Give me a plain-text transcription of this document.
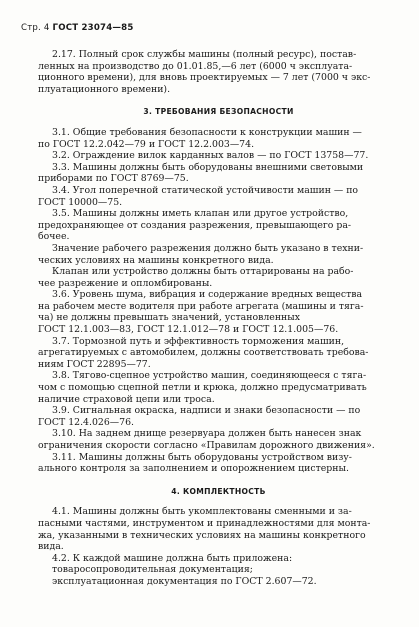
Стр. 4 ГОСТ 23074—85
2.17. Полный срок службы машины (полный ресурс), постав-
ленных на производство до 01.01.85,—6 лет (6000 ч эксплуата-
ционного времени), для вновь проектируемых — 7 лет (7000 ч экс-
плуатационного времени).
3. ТРЕБОВАНИЯ БЕЗОПАСНОСТИ
3.1. Общие требования безопасности к конструкции машин —
по ГОСТ 12.2.042—79 и ГОСТ 12.2.003—74.
3.2. Ограждение вилок карданных валов — по ГОСТ 13758—77.
3.3. Машины должны быть оборудованы внешними световыми
приборами по ГОСТ 8769—75.
3.4. Угол поперечной статической устойчивости машин — по
ГОСТ 10000—75.
3.5. Машины должны иметь клапан или другое устройство,
предохраняющее от создания разрежения, превышающего ра-
бочее.
Значение рабочего разрежения должно быть указано в техни-
ческих условиях на машины конкретного вида.
Клапан или устройство должны быть оттарированы на рабо-
чее разрежение и опломбированы.
3.6. Уровень шума, вибрация и содержание вредных вещества
на рабочем месте водителя при работе агрегата (машины и тяга-
ча) не должны превышать значений, установленных
ГОСТ 12.1.003—83, ГОСТ 12.1.012—78 и ГОСТ 12.1.005—76.
3.7. Тормозной путь и эффективность торможения машин,
агрегатируемых с автомобилем, должны соответствовать требова-
ниям ГОСТ 22895—77.
3.8. Тягово-сцепное устройство машин, соединяющееся с тяга-
чом с помощью сцепной петли и крюка, должно предусматривать
наличие страховой цепи или троса.
3.9. Сигнальная окраска, надписи и знаки безопасности — по
ГОСТ 12.4.026—76.
3.10. На заднем днище резервуара должен быть нанесен знак
ограничения скорости согласно «Правилам дорожного движения».
3.11. Машины должны быть оборудованы устройством визу-
ального контроля за заполнением и опорожнением цистерны.
4. КОМПЛЕКТНОСТЬ
4.1. Машины должны быть укомплектованы сменными и за-
пасными частями, инструментом и принадлежностями для монта-
жа, указанными в технических условиях на машины конкретного
вида.
4.2. К каждой машине должна быть приложена:
товаросопроводительная документация;
эксплуатационная документация по ГОСТ 2.607—72.
